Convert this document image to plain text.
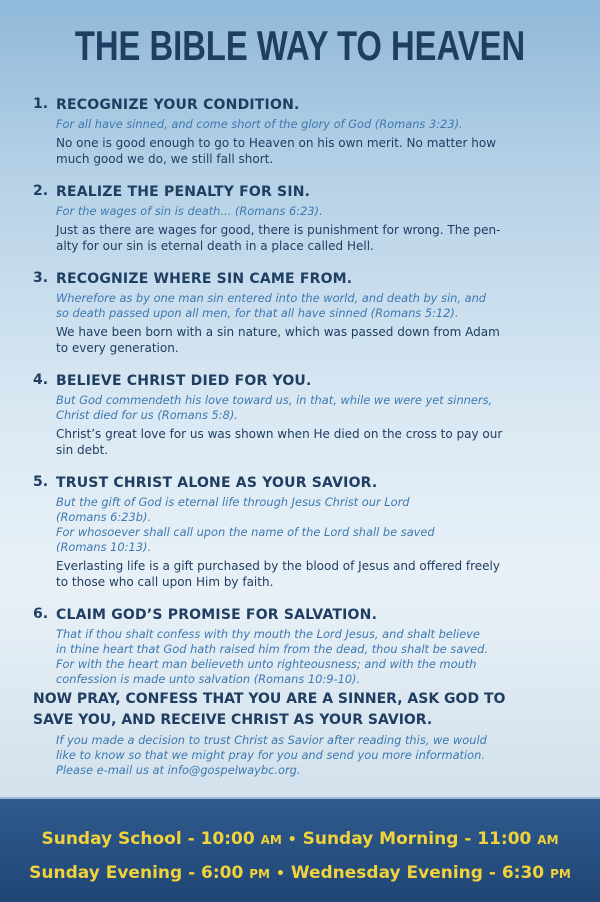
THE BIBLE WAY TO HEAVEN
1. RECOGNIZE YOUR CONDITION.
For all have sinned, and come short of the glory of God (Romans 3:23).
No one is good enough to go to Heaven on his own merit. No matter how
much good we do, we still fall short.
2. REALIZE THE PENALTY FOR SIN.
For the wages of sin is death... (Romans 6:23).
Just as there are wages for good, there is punishment for wrong. The pen-
alty for our sin is eternal death in a place called Hell.
3. RECOGNIZE WHERE SIN CAME FROM.
Wherefore as by one man sin entered into the world, and death by sin, and
so death passed upon all men, for that all have sinned (Romans 5:12).
We have been born with a sin nature, which was passed down from Adam
to every generation.
4. BELIEVE CHRIST DIED FOR YOU.
But God commendeth his love toward us, in that, while we were yet sinners,
Christ died for us (Romans 5:8).
Christ’s great love for us was shown when He died on the cross to pay our
sin debt.
5. TRUST CHRIST ALONE AS YOUR SAVIOR.
But the gift of God is eternal life through Jesus Christ our Lord
(Romans 6:23b).
For whosoever shall call upon the name of the Lord shall be saved
(Romans 10:13).
Everlasting life is a gift purchased by the blood of Jesus and offered freely
to those who call upon Him by faith.
6. CLAIM GOD’S PROMISE FOR SALVATION.
That if thou shalt confess with thy mouth the Lord Jesus, and shalt believe
in thine heart that God hath raised him from the dead, thou shalt be saved.
For with the heart man believeth unto righteousness; and with the mouth
confession is made unto salvation (Romans 10:9-10).
NOW PRAY, CONFESS THAT YOU ARE A SINNER, ASK GOD TO
SAVE YOU, AND RECEIVE CHRIST AS YOUR SAVIOR.
If you made a decision to trust Christ as Savior after reading this, we would
like to know so that we might pray for you and send you more information.
Please e-mail us at info@gospelwaybc.org.
Sunday School - 10:00 AM • Sunday Morning - 11:00 AM
Sunday Evening - 6:00 PM • Wednesday Evening - 6:30 PM
